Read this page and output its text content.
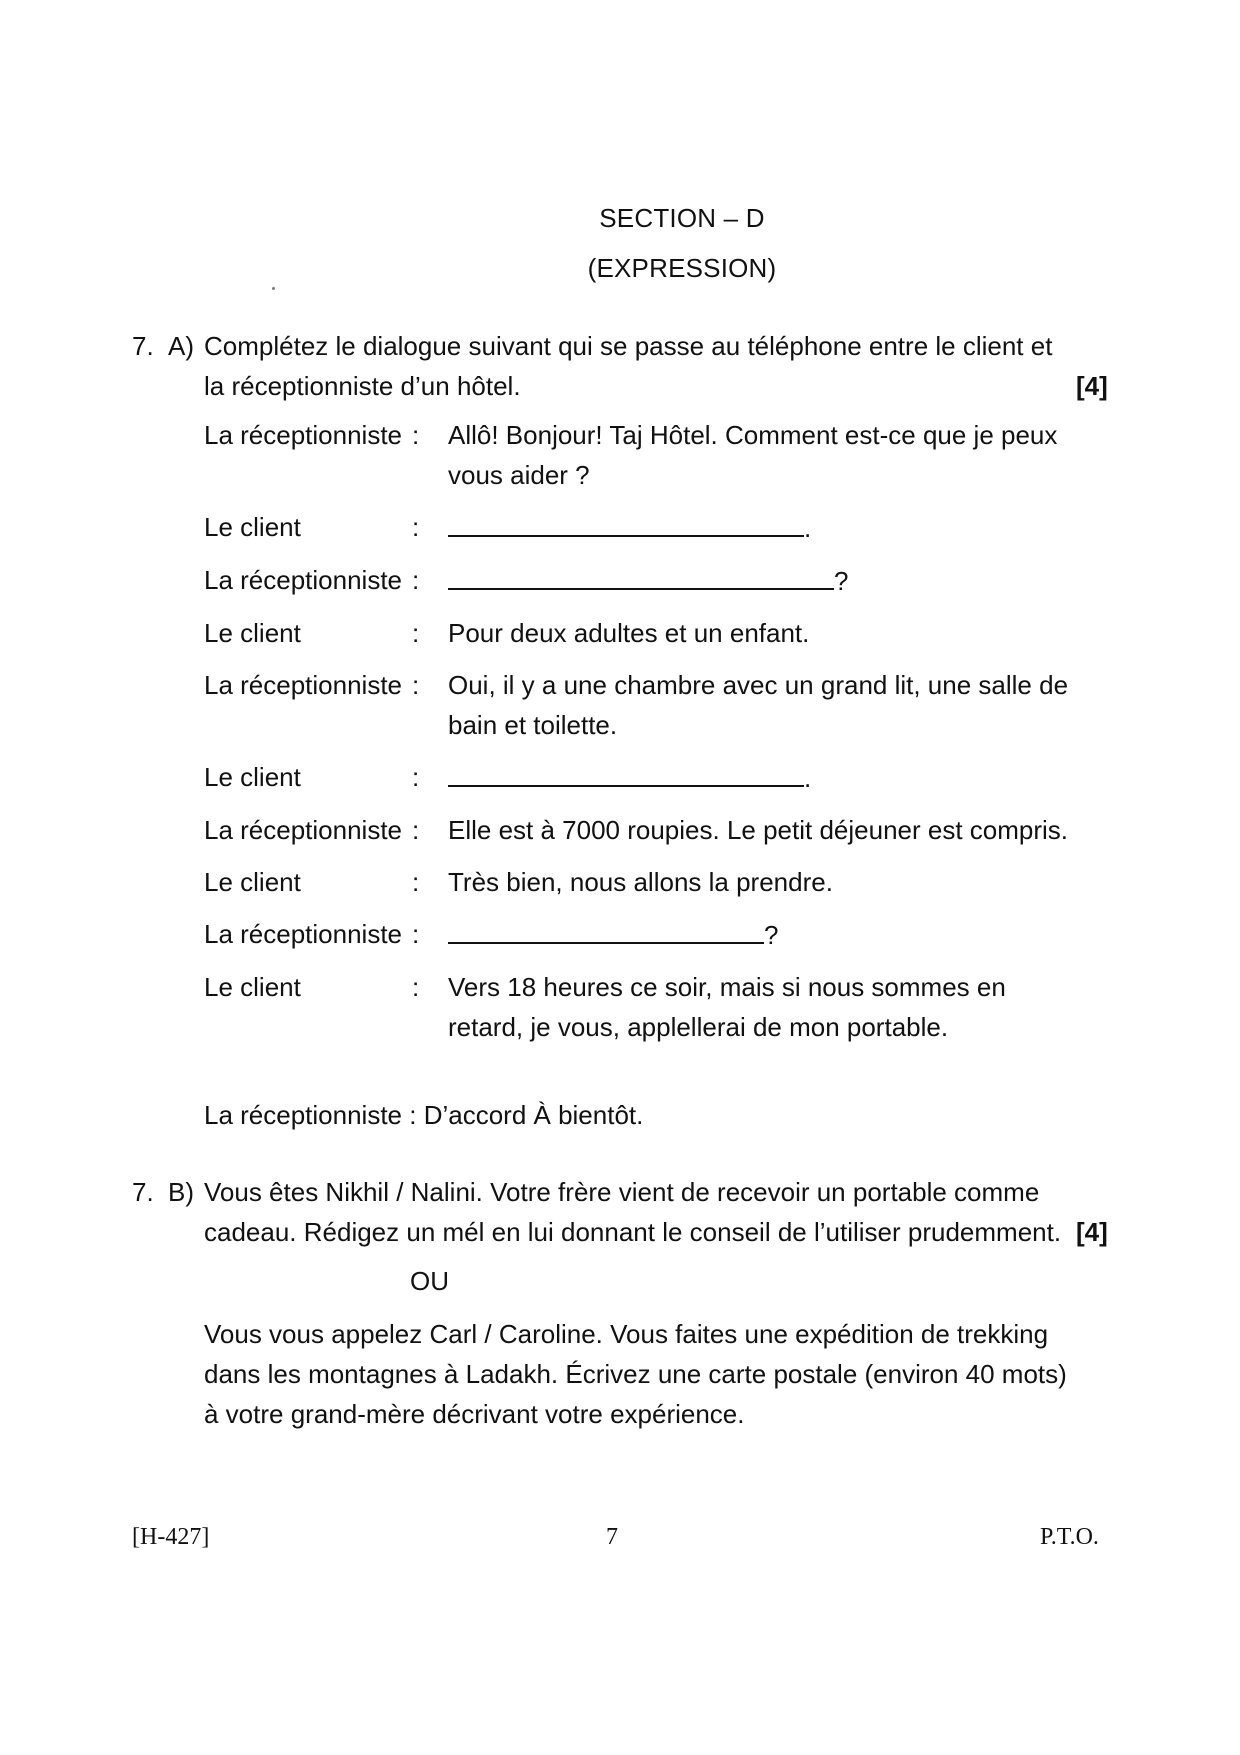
SECTION – D
(EXPRESSION)
7. A) Complétez le dialogue suivant qui se passe au téléphone entre le client et la réceptionniste d’un hôtel.	[4]
La réceptionniste :	Allô! Bonjour! Taj Hôtel. Comment est-ce que je peux vous aider ?
Le client	:	.
La réceptionniste :	?
Le client	:	Pour deux adultes et un enfant.
La réceptionniste :	Oui, il y a une chambre avec un grand lit, une salle de bain et toilette.
Le client	:	.
La réceptionniste :	Elle est à 7000 roupies. Le petit déjeuner est compris.
Le client	:	Très bien, nous allons la prendre.
La réceptionniste :	?
Le client	:	Vers 18 heures ce soir, mais si nous sommes en retard, je vous, applellerai de mon portable.
La réceptionniste : D’accord À bientôt.
7. B) Vous êtes Nikhil / Nalini. Votre frère vient de recevoir un portable comme cadeau. Rédigez un mél en lui donnant le conseil de l’utiliser prudemment. [4]
OU
Vous vous appelez Carl / Caroline. Vous faites une expédition de trekking dans les montagnes à Ladakh. Écrivez une carte postale (environ 40 mots) à votre grand-mère décrivant votre expérience.
[H-427]	7	P.T.O.
